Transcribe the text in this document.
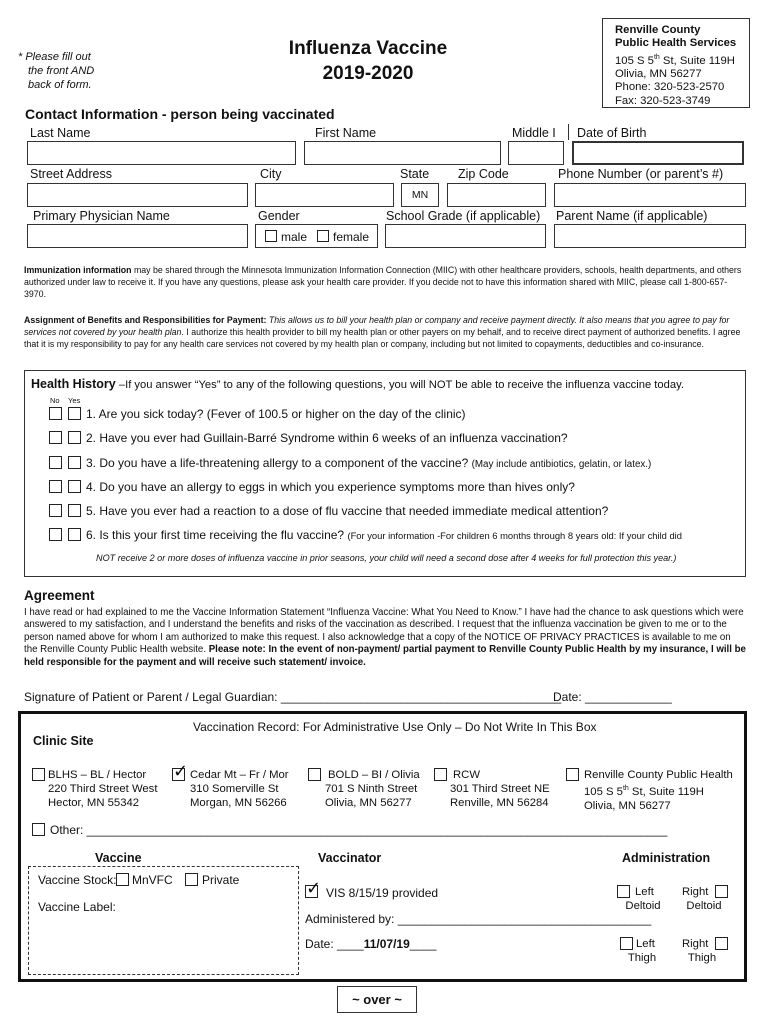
* Please fill out
the front AND
back of form.
Influenza Vaccine
2019-2020
Renville County
Public Health Services
105 S 5th St, Suite 119H
Olivia, MN 56277
Phone: 320-523-2570
Fax: 320-523-3749
Contact Information - person being vaccinated
Last Name	First Name	Middle I Date of Birth
Street Address	City	State Zip Code	Phone Number (or parent’s #)
MN
Primary Physician Name	Gender	School Grade (if applicable) Parent Name (if applicable)
male female
Immunization information may be shared through the Minnesota Immunization Information Connection (MIIC) with other healthcare providers, schools, health departments, and others authorized under law to receive it. If you have any questions, please ask your health care provider. If you decide not to have this information shared with MIIC, please call 1-800-657-3970.
Assignment of Benefits and Responsibilities for Payment: This allows us to bill your health plan or company and receive payment directly. It also means that you agree to pay for services not covered by your health plan. I authorize this health provider to bill my health plan or other payers on my behalf, and to receive direct payment of authorized benefits. I agree that it is my responsibility to pay for any health care services not covered by my health plan or company, including but not limited to copayments, deductibles and co-insurance.
Health History –If you answer “Yes” to any of the following questions, you will NOT be able to receive the influenza vaccine today.
No Yes
1. Are you sick today? (Fever of 100.5 or higher on the day of the clinic)
2. Have you ever had Guillain-Barré Syndrome within 6 weeks of an influenza vaccination?
3. Do you have a life-threatening allergy to a component of the vaccine? (May include antibiotics, gelatin, or latex.)
4. Do you have an allergy to eggs in which you experience symptoms more than hives only?
5. Have you ever had a reaction to a dose of flu vaccine that needed immediate medical attention?
6. Is this your first time receiving the flu vaccine? (For your information -For children 6 months through 8 years old: If your child did
NOT receive 2 or more doses of influenza vaccine in prior seasons, your child will need a second dose after 4 weeks for full protection this year.)
Agreement
I have read or had explained to me the Vaccine Information Statement “Influenza Vaccine: What You Need to Know.” I have had the chance to ask questions which were answered to my satisfaction, and I understand the benefits and risks of the vaccination as described. I request that the influenza vaccination be given to me or to the person named above for whom I am authorized to make this request. I also acknowledge that a copy of the NOTICE OF PRIVACY PRACTICES is available to me on the Renville County Public Health website. Please note: In the event of non-payment/ partial payment to Renville County Public Health by my insurance, I will be held responsible for the payment and will receive such statement/ invoice.
Signature of Patient or Parent / Legal Guardian: __________________________________________
Date: _____________
Vaccination Record: For Administrative Use Only – Do Not Write In This Box
Clinic Site
BLHS – BL / Hector
220 Third Street West
Hector, MN 55342
✓ Cedar Mt – Fr / Mor
310 Somerville St
Morgan, MN 56266
BOLD – BI / Olivia
701 S Ninth Street
Olivia, MN 56277
RCW
301 Third Street NE
Renville, MN 56284
Renville County Public Health
105 S 5th St, Suite 119H
Olivia, MN 56277
Other: _______________________________________________________________________________________
Vaccine
Vaccine Stock: MnVFC Private
Vaccine Label:
Vaccinator
✓ VIS 8/15/19 provided
Administered by: ______________________________________
Date: ____11/07/19____
Administration
Left
Deltoid
Right
Deltoid
Left
Thigh
Right
Thigh
~ over ~
